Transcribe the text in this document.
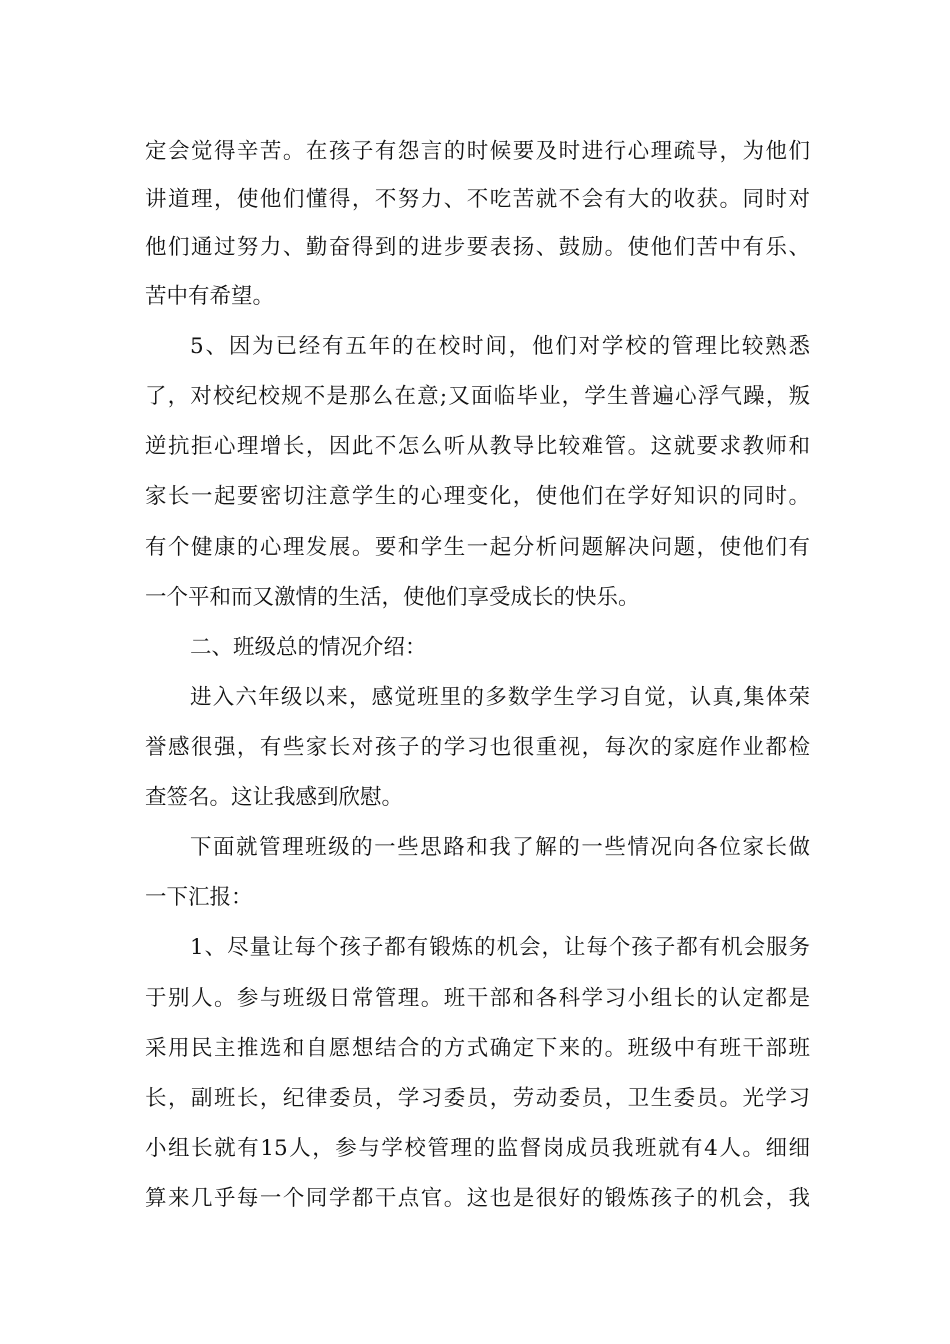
定会觉得辛苦。在孩子有怨言的时候要及时进行心理疏导，为他们
讲道理，使他们懂得，不努力、不吃苦就不会有大的收获。同时对
他们通过努力、勤奋得到的进步要表扬、鼓励。使他们苦中有乐、
苦中有希望。
5、因为已经有五年的在校时间，他们对学校的管理比较熟悉
了，对校纪校规不是那么在意;又面临毕业，学生普遍心浮气躁，叛
逆抗拒心理增长，因此不怎么听从教导比较难管。这就要求教师和
家长一起要密切注意学生的心理变化，使他们在学好知识的同时。
有个健康的心理发展。要和学生一起分析问题解决问题，使他们有
一个平和而又激情的生活，使他们享受成长的快乐。
二、班级总的情况介绍：
进入六年级以来，感觉班里的多数学生学习自觉，认真,集体荣
誉感很强，有些家长对孩子的学习也很重视，每次的家庭作业都检
查签名。这让我感到欣慰。
下面就管理班级的一些思路和我了解的一些情况向各位家长做
一下汇报：
1、尽量让每个孩子都有锻炼的机会，让每个孩子都有机会服务
于别人。参与班级日常管理。班干部和各科学习小组长的认定都是
采用民主推选和自愿想结合的方式确定下来的。班级中有班干部班
长，副班长，纪律委员，学习委员，劳动委员，卫生委员。光学习
小组长就有15人，参与学校管理的监督岗成员我班就有4人。细细
算来几乎每一个同学都干点官。这也是很好的锻炼孩子的机会，我
